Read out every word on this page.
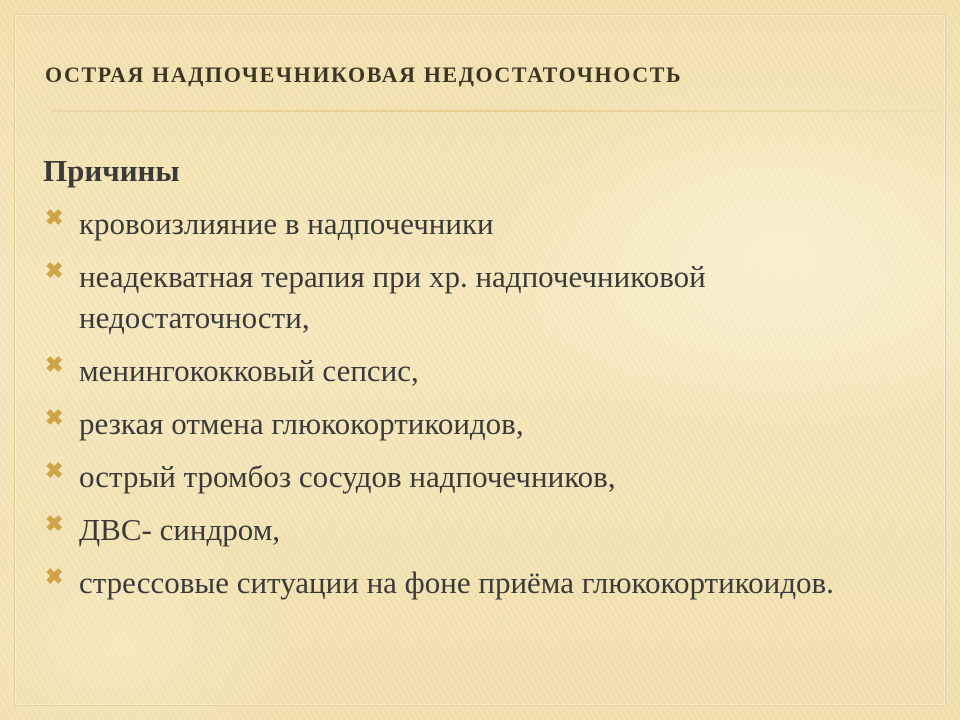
ОСТРАЯ НАДПОЧЕЧНИКОВАЯ НЕДОСТАТОЧНОСТЬ
Причины
✖ кровоизлияние в надпочечники
✖ неадекватная терапия при хр. надпочечниковой недостаточности,
✖ менингококковый сепсис,
✖ резкая отмена глюкокортикоидов,
✖ острый тромбоз сосудов надпочечников,
✖ ДВС- синдром,
✖ стрессовые ситуации на фоне приёма глюкокортикоидов.
